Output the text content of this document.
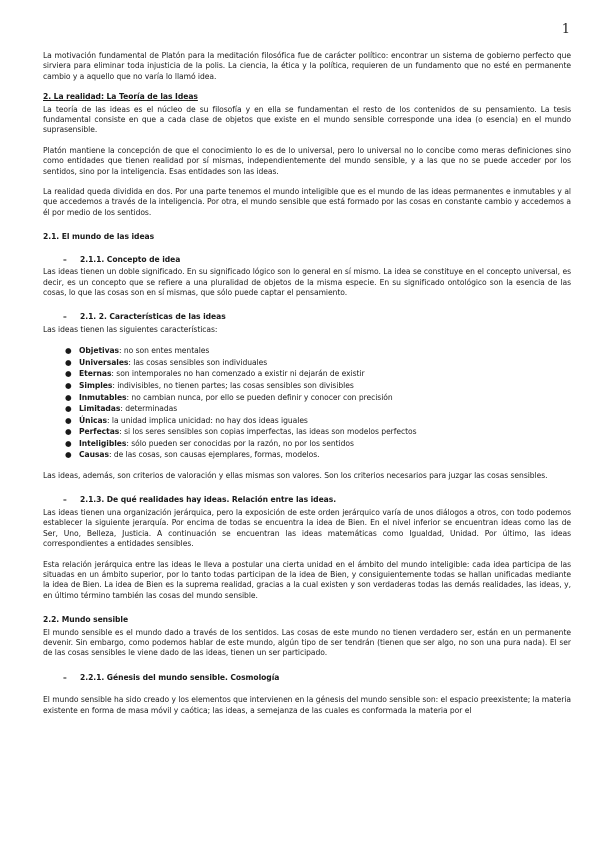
1

La motivación fundamental de Platón para la meditación filosófica fue de carácter político: encontrar un sistema de gobierno perfecto que sirviera para eliminar toda injusticia de la polis. La ciencia, la ética y la política, requieren de un fundamento que no esté en permanente cambio y a aquello que no varía lo llamó idea.

2. La realidad: La Teoría de las Ideas

La teoría de las ideas es el núcleo de su filosofía y en ella se fundamentan el resto de los contenidos de su pensamiento. La tesis fundamental consiste en que a cada clase de objetos que existe en el mundo sensible corresponde una idea (o esencia) en el mundo suprasensible.

Platón mantiene la concepción de que el conocimiento lo es de lo universal, pero lo universal no lo concibe como meras definiciones sino como entidades que tienen realidad por sí mismas, independientemente del mundo sensible, y a las que no se puede acceder por los sentidos, sino por la inteligencia. Esas entidades son las ideas.

La realidad queda dividida en dos. Por una parte tenemos el mundo inteligible que es el mundo de las ideas permanentes e inmutables y al que accedemos a través de la inteligencia. Por otra, el mundo sensible que está formado por las cosas en constante cambio y accedemos a él por medio de los sentidos.

2.1. El mundo de las ideas
– 2.1.1. Concepto de idea

Las ideas tienen un doble significado. En su significado lógico son lo general en sí mismo. La idea se constituye en el concepto universal, es decir, es un concepto que se refiere a una pluralidad de objetos de la misma especie. En su significado ontológico son la esencia de las cosas, lo que las cosas son en sí mismas, que sólo puede captar el pensamiento.

– 2.1. 2. Características de las ideas

Las ideas tienen las siguientes características:

● Objetivas: no son entes mentales
● Universales: las cosas sensibles son individuales
● Eternas: son intemporales no han comenzado a existir ni dejarán de existir
● Simples: indivisibles, no tienen partes; las cosas sensibles son divisibles
● Inmutables: no cambian nunca, por ello se pueden definir y conocer con precisión
● Limitadas: determinadas
● Únicas: la unidad implica unicidad: no hay dos ideas iguales
● Perfectas: si los seres sensibles son copias imperfectas, las ideas son modelos perfectos
● Inteligibles: sólo pueden ser conocidas por la razón, no por los sentidos
● Causas: de las cosas, son causas ejemplares, formas, modelos.

Las ideas, además, son criterios de valoración y ellas mismas son valores. Son los criterios necesarios para juzgar las cosas sensibles.

– 2.1.3. De qué realidades hay ideas. Relación entre las ideas.

Las ideas tienen una organización jerárquica, pero la exposición de este orden jerárquico varía de unos diálogos a otros, con todo podemos establecer la siguiente jerarquía. Por encima de todas se encuentra la idea de Bien. En el nivel inferior se encuentran ideas como las de Ser, Uno, Belleza, Justicia. A continuación se encuentran las ideas matemáticas como Igualdad, Unidad. Por último, las ideas correspondientes a entidades sensibles.

Esta relación jerárquica entre las ideas le lleva a postular una cierta unidad en el ámbito del mundo inteligible: cada idea participa de las situadas en un ámbito superior, por lo tanto todas participan de la idea de Bien, y consiguientemente todas se hallan unificadas mediante la idea de Bien. La idea de Bien es la suprema realidad, gracias a la cual existen y son verdaderas todas las demás realidades, las ideas, y, en último término también las cosas del mundo sensible.

2.2. Mundo sensible

El mundo sensible es el mundo dado a través de los sentidos. Las cosas de este mundo no tienen verdadero ser, están en un permanente devenir. Sin embargo, como podemos hablar de este mundo, algún tipo de ser tendrán (tienen que ser algo, no son una pura nada). El ser de las cosas sensibles le viene dado de las ideas, tienen un ser participado.

– 2.2.1. Génesis del mundo sensible. Cosmología

El mundo sensible ha sido creado y los elementos que intervienen en la génesis del mundo sensible son: el espacio preexistente; la materia existente en forma de masa móvil y caótica; las ideas, a semejanza de las cuales es conformada la materia por el
